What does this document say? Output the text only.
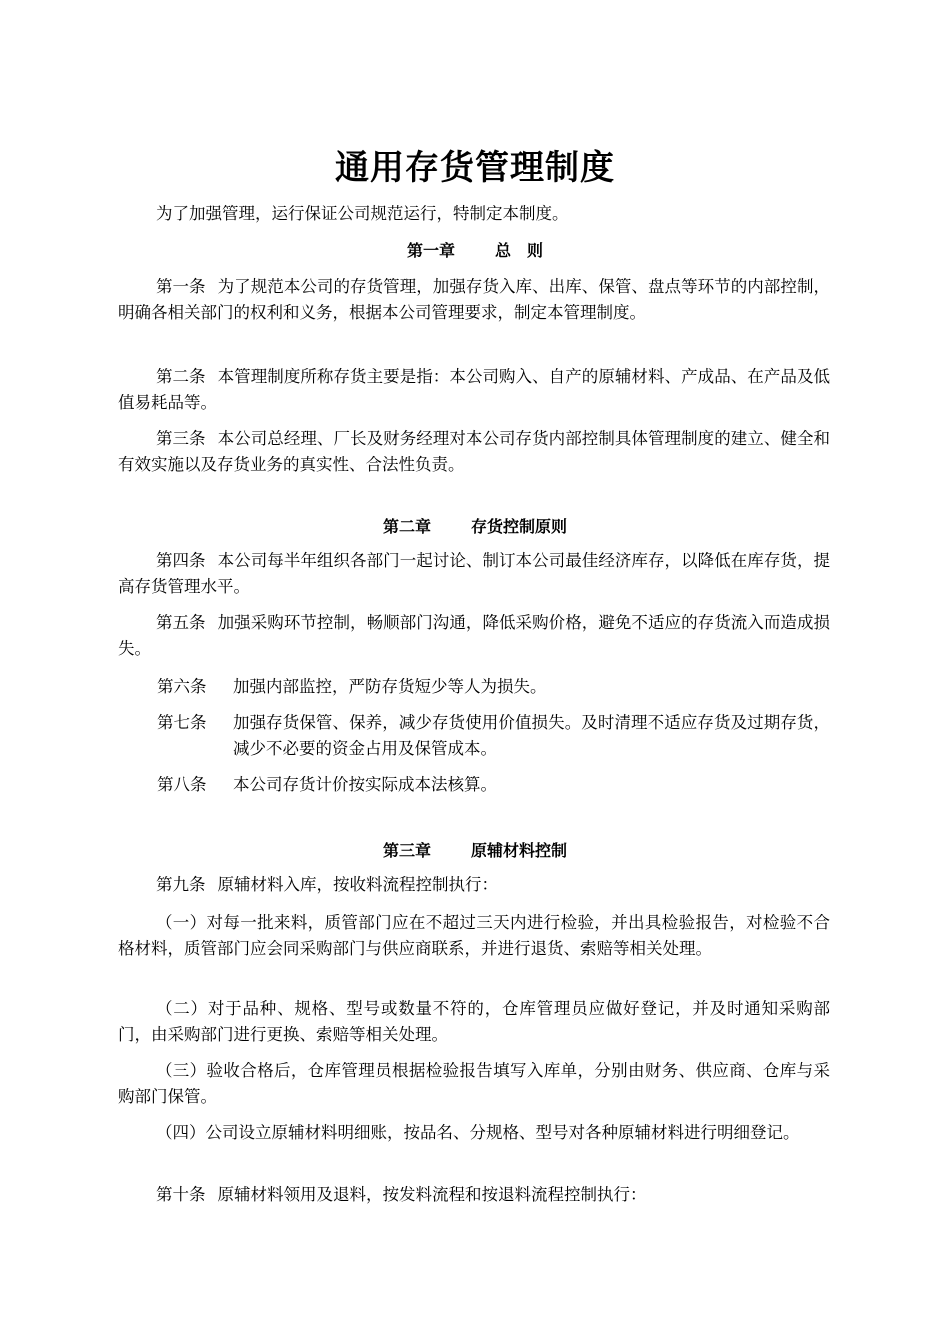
通用存货管理制度
为了加强管理，运行保证公司规范运行，特制定本制度。
第一章	总　则
第一条 为了规范本公司的存货管理，加强存货入库、出库、保管、盘点等环节的内部控制，明确各相关部门的权利和义务，根据本公司管理要求，制定本管理制度。
第二条 本管理制度所称存货主要是指：本公司购入、自产的原辅材料、产成品、在产品及低值易耗品等。
第三条 本公司总经理、厂长及财务经理对本公司存货内部控制具体管理制度的建立、健全和有效实施以及存货业务的真实性、合法性负责。
第二章	存货控制原则
第四条 本公司每半年组织各部门一起讨论、制订本公司最佳经济库存，以降低在库存货，提高存货管理水平。
第五条 加强采购环节控制，畅顺部门沟通，降低采购价格，避免不适应的存货流入而造成损失。
第六条 加强内部监控，严防存货短少等人为损失。
第七条 加强存货保管、保养，减少存货使用价值损失。及时清理不适应存货及过期存货，减少不必要的资金占用及保管成本。
第八条 本公司存货计价按实际成本法核算。
第三章	原辅材料控制
第九条 原辅材料入库，按收料流程控制执行：
（一）对每一批来料，质管部门应在不超过三天内进行检验，并出具检验报告，对检验不合格材料，质管部门应会同采购部门与供应商联系，并进行退货、索赔等相关处理。
（二）对于品种、规格、型号或数量不符的，仓库管理员应做好登记，并及时通知采购部门，由采购部门进行更换、索赔等相关处理。
（三）验收合格后，仓库管理员根据检验报告填写入库单，分别由财务、供应商、仓库与采购部门保管。
（四）公司设立原辅材料明细账，按品名、分规格、型号对各种原辅材料进行明细登记。
第十条 原辅材料领用及退料，按发料流程和按退料流程控制执行：
